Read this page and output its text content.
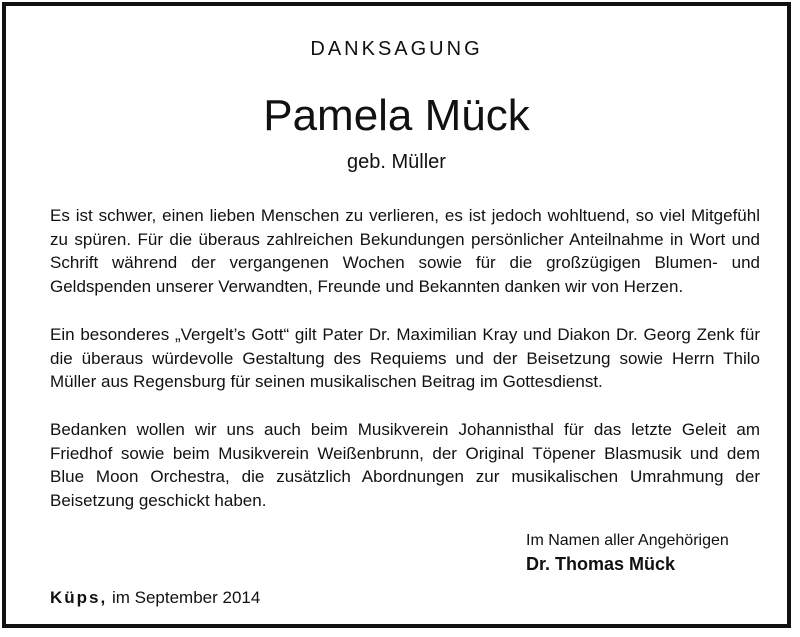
DANKSAGUNG
Pamela Mück
geb. Müller

Es ist schwer, einen lieben Menschen zu verlieren, es ist jedoch wohltuend, so viel Mitgefühl zu spüren. Für die überaus zahlreichen Bekundungen persönlicher Anteilnahme in Wort und Schrift während der vergangenen Wochen sowie für die großzügigen Blumen- und Geldspenden unserer Verwandten, Freunde und Bekannten danken wir von Herzen.

Ein besonderes „Vergelt’s Gott“ gilt Pater Dr. Maximilian Kray und Diakon Dr. Georg Zenk für die überaus würdevolle Gestaltung des Requiems und der Beisetzung sowie Herrn Thilo Müller aus Regensburg für seinen musikalischen Beitrag im Gottesdienst.

Bedanken wollen wir uns auch beim Musikverein Johannisthal für das letzte Geleit am Friedhof sowie beim Musikverein Weißenbrunn, der Original Töpener Blasmusik und dem Blue Moon Orchestra, die zusätzlich Abordnungen zur musikalischen Umrahmung der Beisetzung geschickt haben.

Im Namen aller Angehörigen
Dr. Thomas Mück
Küps, im September 2014
